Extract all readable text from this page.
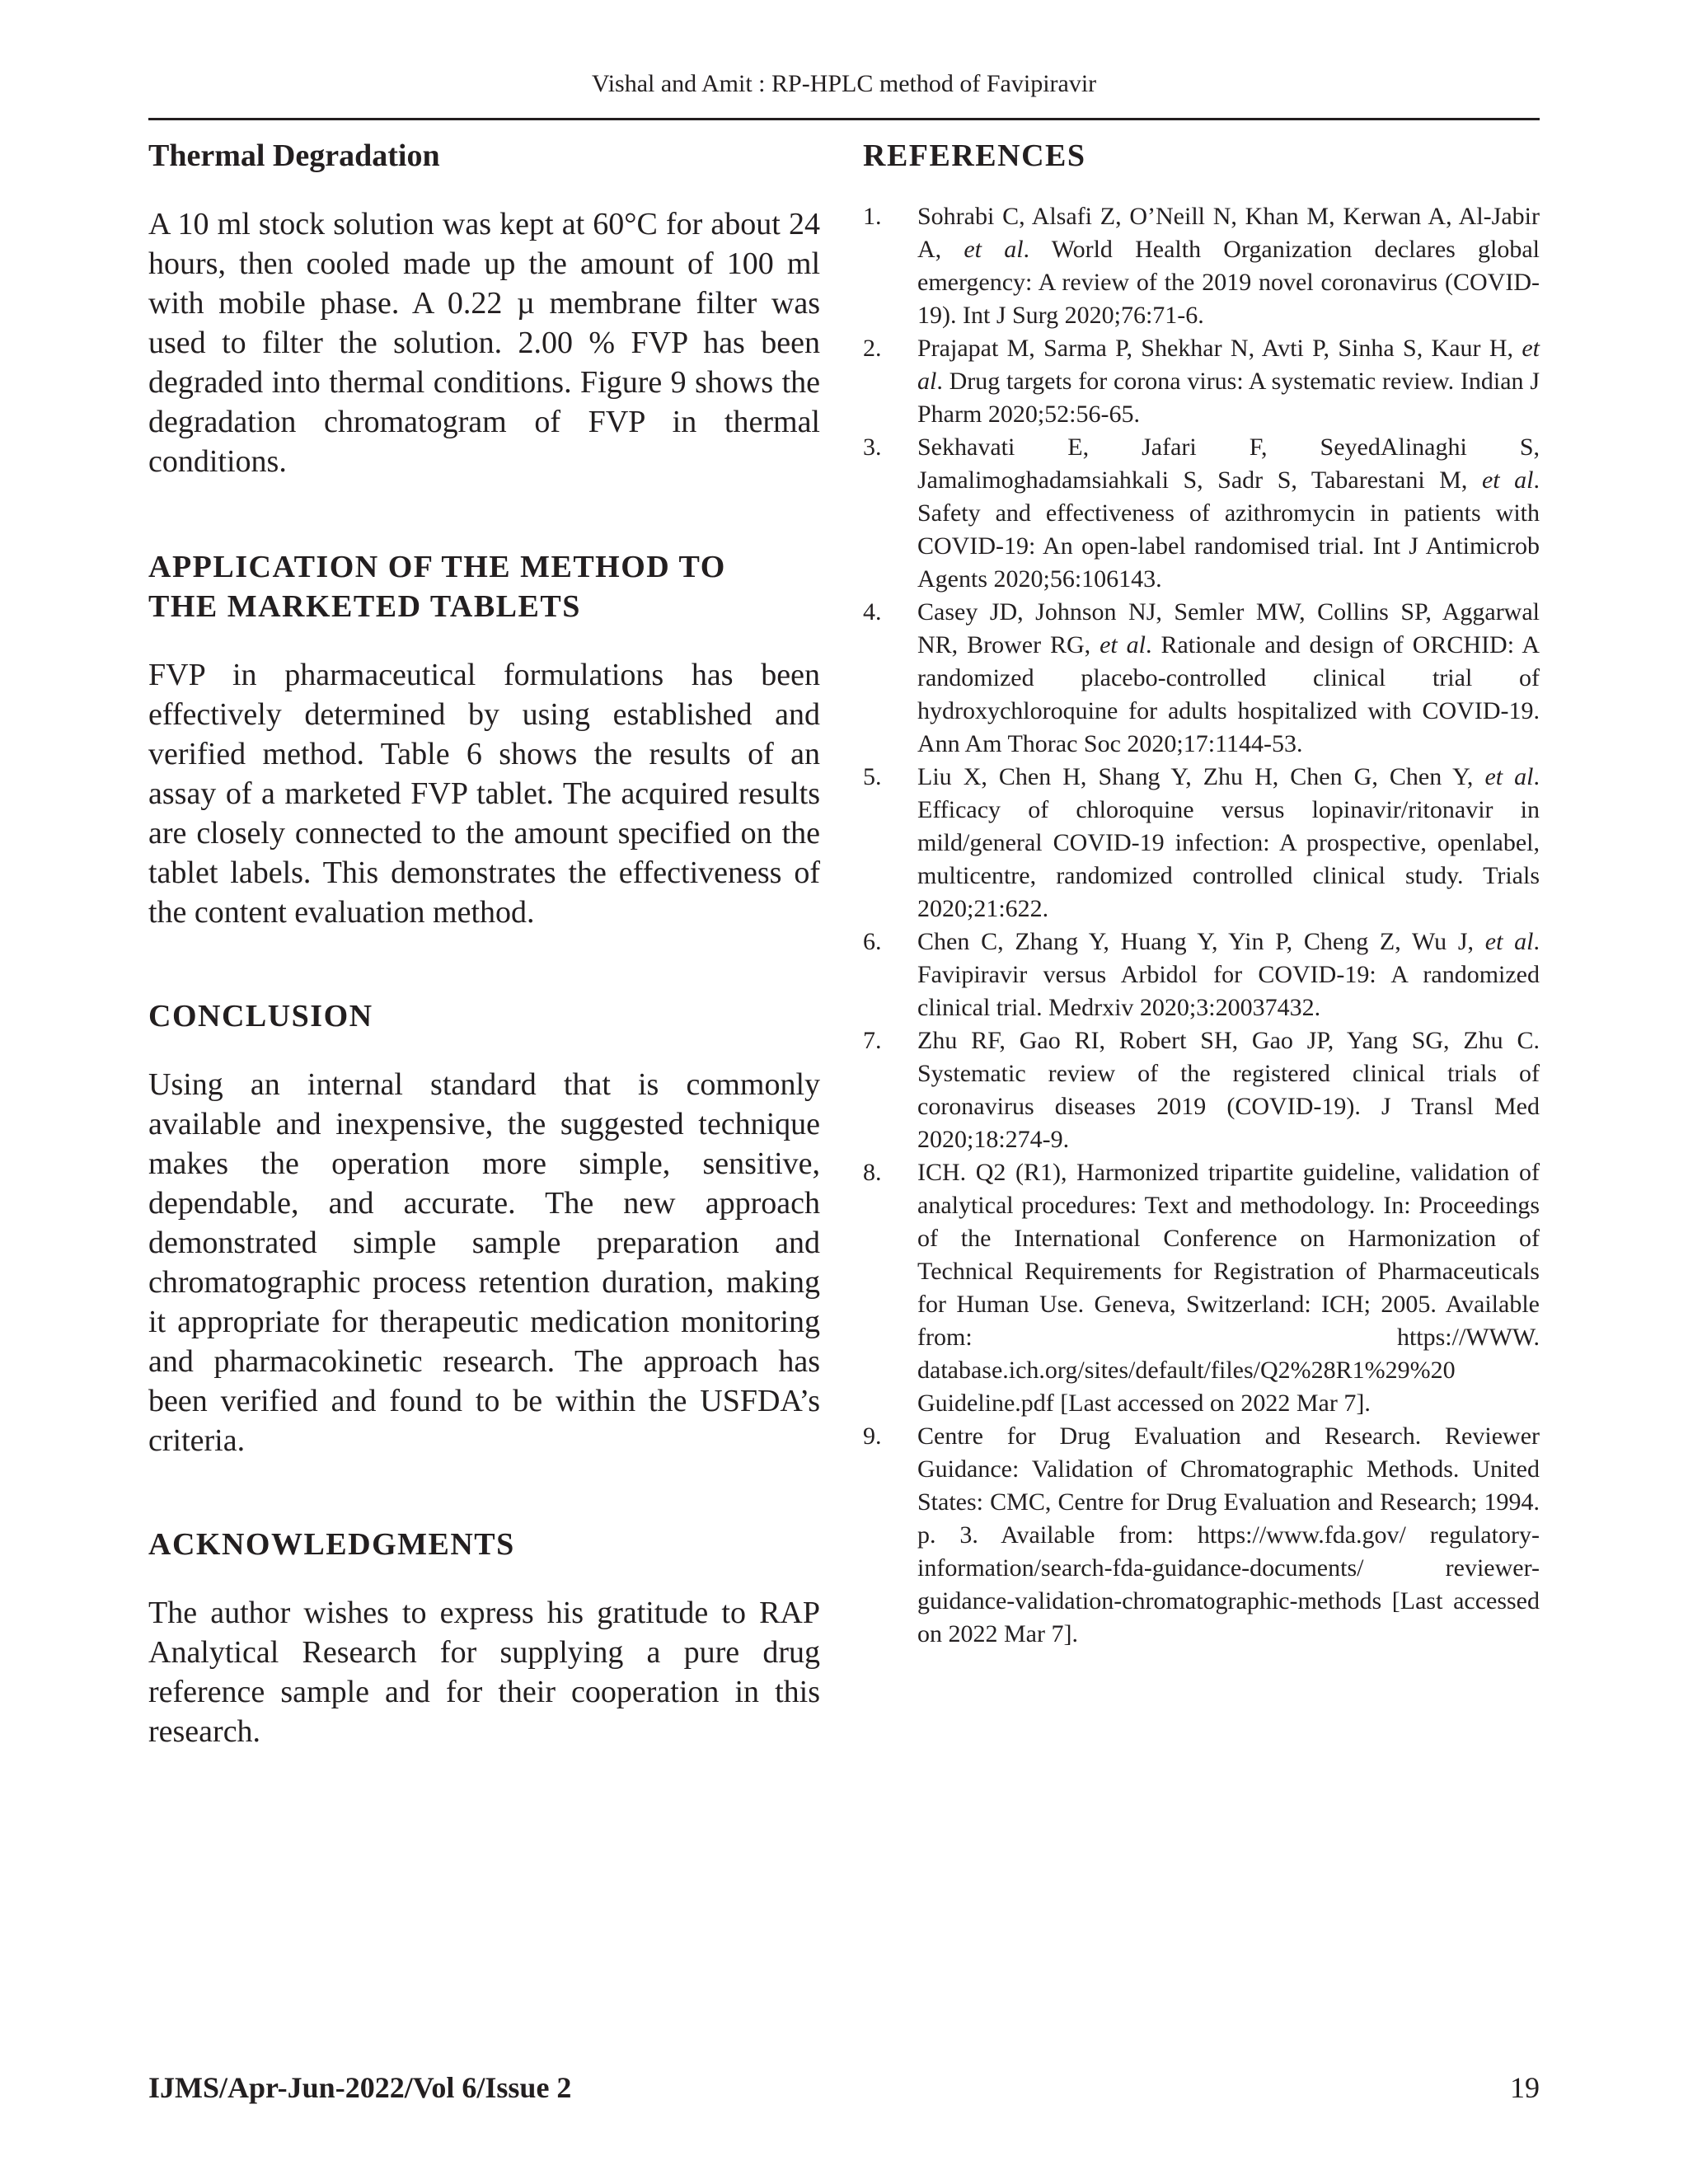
Vishal and Amit : RP-HPLC method of Favipiravir
Thermal Degradation

A 10 ml stock solution was kept at 60°C for about 24 hours, then cooled made up the amount of 100 ml with mobile phase. A 0.22 µ membrane filter was used to filter the solution. 2.00 % FVP has been degraded into thermal conditions. Figure 9 shows the degradation chromatogram of FVP in thermal conditions.

APPLICATION OF THE METHOD TO
THE MARKETED TABLETS

FVP in pharmaceutical formulations has been effectively determined by using established and verified method. Table 6 shows the results of an assay of a marketed FVP tablet. The acquired results are closely connected to the amount specified on the tablet labels. This demonstrates the effectiveness of the content evaluation method.

CONCLUSION

Using an internal standard that is commonly available and inexpensive, the suggested technique makes the operation more simple, sensitive, dependable, and accurate. The new approach demonstrated simple sample preparation and chromatographic process retention duration, making it appropriate for therapeutic medication monitoring and pharmacokinetic research. The approach has been verified and found to be within the USFDA’s criteria.

ACKNOWLEDGMENTS

The author wishes to express his gratitude to RAP Analytical Research for supplying a pure drug reference sample and for their cooperation in this research.

REFERENCES
1. Sohrabi C, Alsafi Z, O’Neill N, Khan M, Kerwan A, Al-Jabir A, et al. World Health Organization declares global emergency: A review of the 2019 novel coronavirus (COVID-19). Int J Surg 2020;76:71-6.
2. Prajapat M, Sarma P, Shekhar N, Avti P, Sinha S, Kaur H, et al. Drug targets for corona virus: A systematic review. Indian J Pharm 2020;52:56-65.
3. Sekhavati E, Jafari F, SeyedAlinaghi S, Jamalimoghadamsiahkali S, Sadr S, Tabarestani M, et al. Safety and effectiveness of azithromycin in patients with COVID-19: An open-label randomised trial. Int J Antimicrob Agents 2020;56:106143.
4. Casey JD, Johnson NJ, Semler MW, Collins SP, Aggarwal NR, Brower RG, et al. Rationale and design of ORCHID: A randomized placebo-controlled clinical trial of hydroxychloroquine for adults hospitalized with COVID-19. Ann Am Thorac Soc 2020;17:1144-53.
5. Liu X, Chen H, Shang Y, Zhu H, Chen G, Chen Y, et al. Efficacy of chloroquine versus lopinavir/ritonavir in mild/general COVID-19 infection: A prospective, openlabel, multicentre, randomized controlled clinical study. Trials 2020;21:622.
6. Chen C, Zhang Y, Huang Y, Yin P, Cheng Z, Wu J, et al. Favipiravir versus Arbidol for COVID-19: A randomized clinical trial. Medrxiv 2020;3:20037432.
7. Zhu RF, Gao RI, Robert SH, Gao JP, Yang SG, Zhu C. Systematic review of the registered clinical trials of coronavirus diseases 2019 (COVID-19). J Transl Med 2020;18:274-9.
8. ICH. Q2 (R1), Harmonized tripartite guideline, validation of analytical procedures: Text and methodology. In: Proceedings of the International Conference on Harmonization of Technical Requirements for Registration of Pharmaceuticals for Human Use. Geneva, Switzerland: ICH; 2005. Available from: https://WWW. database.ich.org/sites/default/files/Q2%28R1%29%20 Guideline.pdf [Last accessed on 2022 Mar 7].
9. Centre for Drug Evaluation and Research. Reviewer Guidance: Validation of Chromatographic Methods. United States: CMC, Centre for Drug Evaluation and Research; 1994. p. 3. Available from: https://www.fda.gov/ regulatory-information/search-fda-guidance-documents/ reviewer-guidance-validation-chromatographic-methods [Last accessed on 2022 Mar 7].
IJMS/Apr-Jun-2022/Vol 6/Issue 2	19
